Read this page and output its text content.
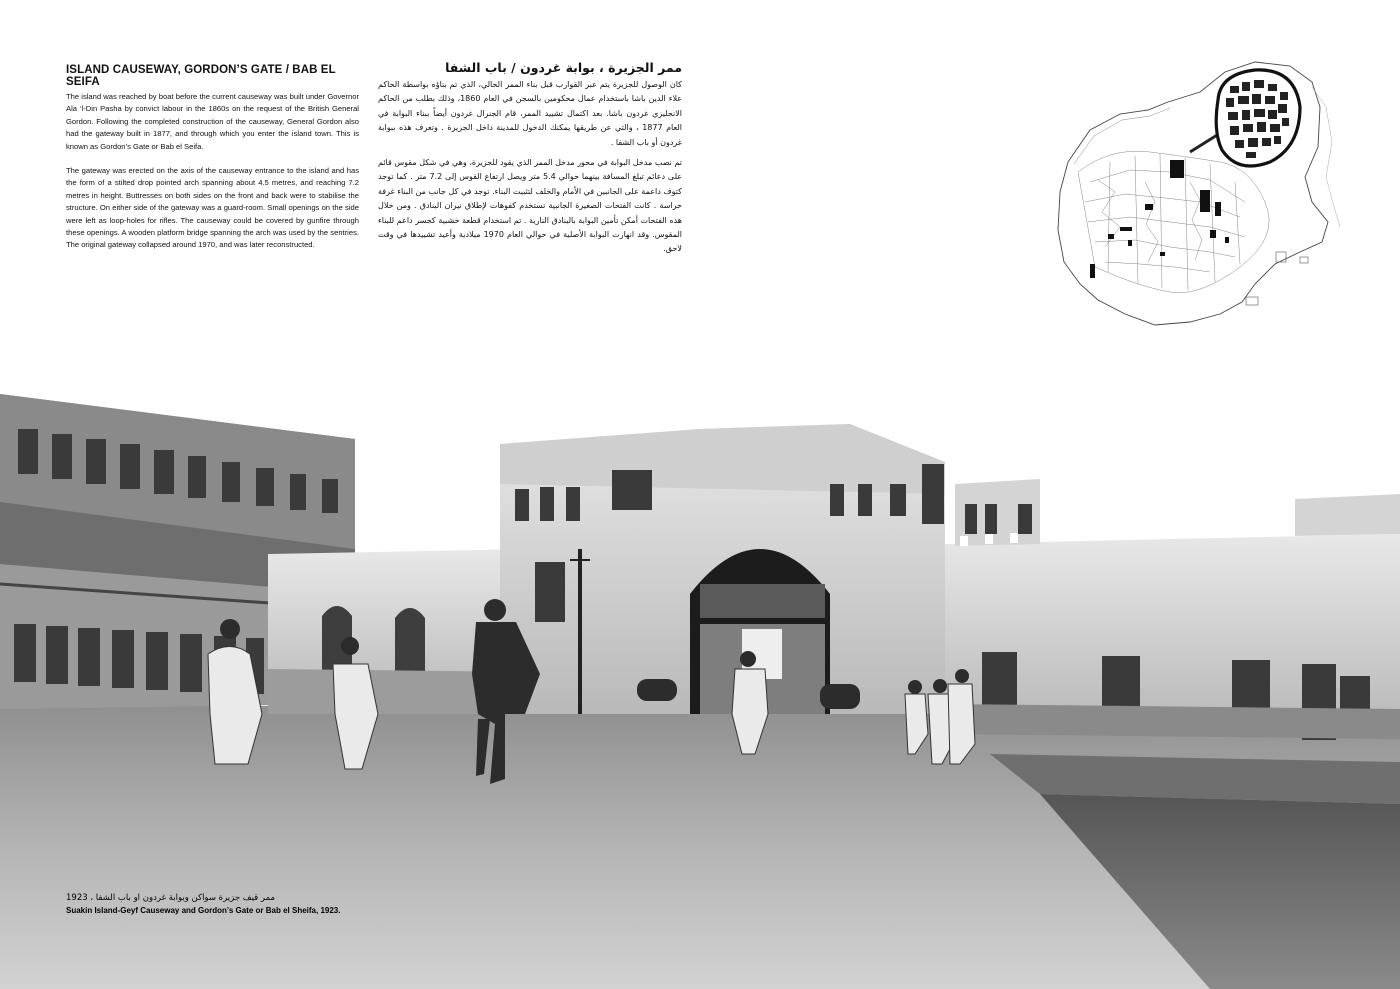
ISLAND CAUSEWAY, GORDON’S GATE / BAB EL SEIFA

The island was reached by boat before the current causeway was built under Governor Ala ‘l-Din Pasha by convict labour in the 1860s on the request of the British General Gordon. Following the completed construction of the causeway, General Gordon also had the gateway built in 1877, and through which you enter the island town. This is known as Gordon’s Gate or Bab el Seifa.

The gateway was erected on the axis of the causeway entrance to the island and has the form of a stilted drop pointed arch spanning about 4.5 metres, and reaching 7.2 metres in height. Buttresses on both sides on the front and back were to stabilise the structure. On either side of the gateway was a guard-room. Small openings on the side were left as loop-holes for rifles. The causeway could be covered by gunfire through these openings. A wooden platform bridge spanning the arch was used by the sentries. The original gateway collapsed around 1970, and was later reconstructed.

ممر الجزيرة ، بوابة غردون / باب الشفا

كان الوصول للجزيرة يتم عبر القوارب قبل بناء الممر الحالي، الذي تم بناؤه بواسطة الحاكم علاء الدين باشا باستخدام عمال محكومين بالسجن في العام 1860، وذلك بطلب من الحاكم الانجليزي غردون باشا. بعد اكتمال تشييد الممر، قام الجنرال غردون أيضاً ببناء البوابة في العام 1877 ، والتي عن طريقها يمكنك الدخول للمدينة داخل الجزيرة . وتعرف هذه ببوابة غردون أو باب الشفا .

تم نصب مدخل البوابة في محور مدخل الممر الذي يقود للجزيرة، وهي في شكل مقوس قائم على دعائم تبلغ المسافة بينهما حوالي 5.4 متر ويصل ارتفاع القوس إلى 7.2 متر . كما توجد كتوف داعمة على الجانبين في الأمام والخلف لتثبيت البناء. توجد في كل جانب من البناء غرفة حراسة . كانت الفتحات الصغيرة الجانبية تستخدم كفوهات لإطلاق نيران البنادق . ومن خلال هذه الفتحات أمكن تأمين البوابة بالبنادق النارية . تم استخدام قطعة خشبية كجسر داعم للبناء المقوس. وقد انهارت البوابة الأصلية في حوالي العام 1970 ميلادية وأعيد تشييدها في وقت لاحق.

ممر قيف جزيرة سواكن وبوابة غردون او باب الشفا ، 1923
Suakin Island-Geyf Causeway and Gordon’s Gate or Bab el Sheifa, 1923.
